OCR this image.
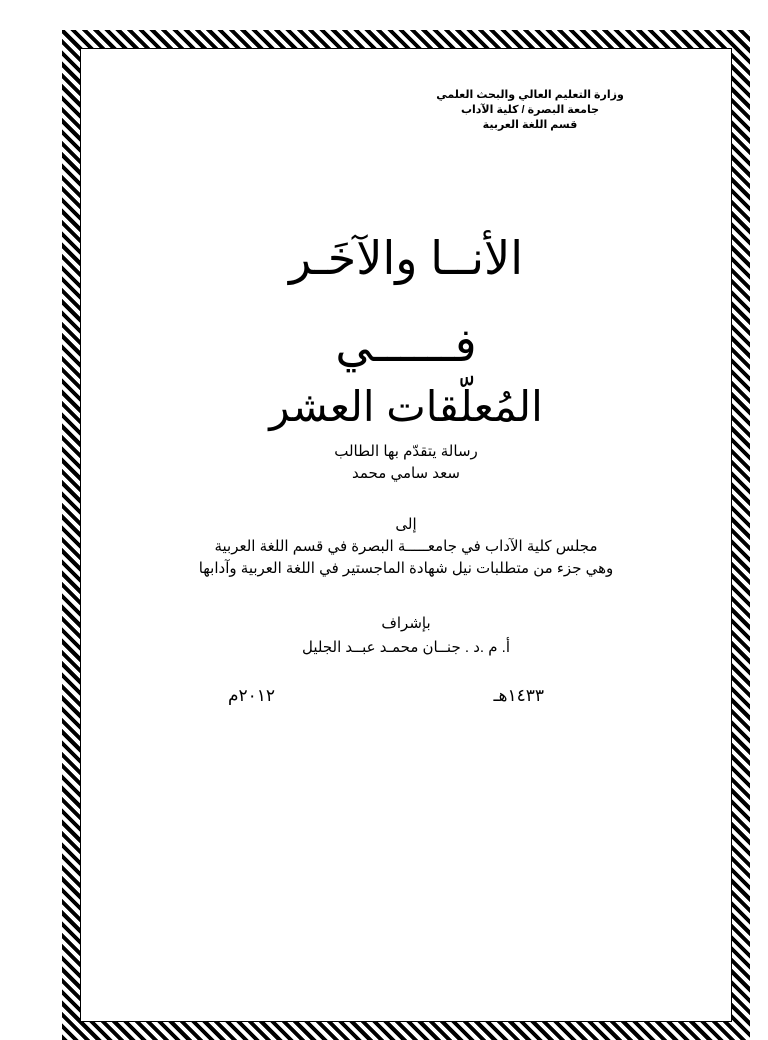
وزارة التعليم العالي والبحث العلمي
جامعة البصرة / كلية الآداب
قسم اللغة العربية
الأنــا والآخَـر
فــــــي
المُعلّقات العشر
رسالة يتقدّم بها الطالب
سعد سامي محمد
إلى
مجلس كلية الآداب في جامعـــــة البصرة في قسم اللغة العربية
وهي جزء من متطلبات نيل شهادة الماجستير في اللغة العربية وآدابها
بإشراف
أ. م .د . جنــان محمـد عبــد الجليل
١٤٣٣هـ
٢٠١٢م
